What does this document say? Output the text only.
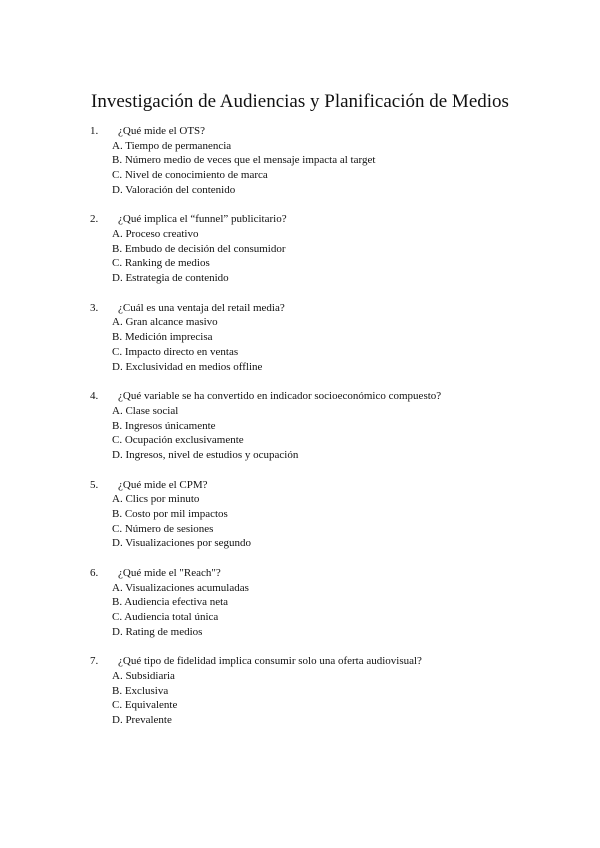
Investigación de Audiencias y Planificación de Medios
1. ¿Qué mide el OTS?
A. Tiempo de permanencia
B. Número medio de veces que el mensaje impacta al target
C. Nivel de conocimiento de marca
D. Valoración del contenido
2. ¿Qué implica el “funnel” publicitario?
A. Proceso creativo
B. Embudo de decisión del consumidor
C. Ranking de medios
D. Estrategia de contenido
3. ¿Cuál es una ventaja del retail media?
A. Gran alcance masivo
B. Medición imprecisa
C. Impacto directo en ventas
D. Exclusividad en medios offline
4. ¿Qué variable se ha convertido en indicador socioeconómico compuesto?
A. Clase social
B. Ingresos únicamente
C. Ocupación exclusivamente
D. Ingresos, nivel de estudios y ocupación
5. ¿Qué mide el CPM?
A. Clics por minuto
B. Costo por mil impactos
C. Número de sesiones
D. Visualizaciones por segundo
6. ¿Qué mide el "Reach"?
A. Visualizaciones acumuladas
B. Audiencia efectiva neta
C. Audiencia total única
D. Rating de medios
7. ¿Qué tipo de fidelidad implica consumir solo una oferta audiovisual?
A. Subsidiaria
B. Exclusiva
C. Equivalente
D. Prevalente
